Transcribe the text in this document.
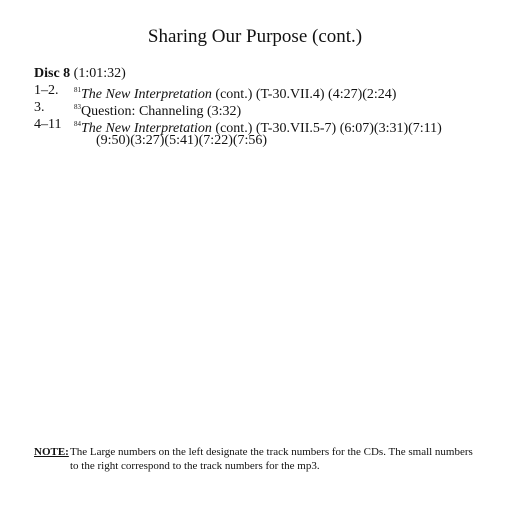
Sharing Our Purpose (cont.)
Disc 8 (1:01:32)
1–2. $^{81}$The New Interpretation (cont.) (T-30.VII.4) (4:27)(2:24)
3.	$^{83}$Question: Channeling (3:32)
4–11 $^{84}$The New Interpretation (cont.) (T-30.VII.5-7) (6:07)(3:31)(7:11)
(9:50)(3:27)(5:41)(7:22)(7:56)
NOTE: The Large numbers on the left designate the track numbers for the CDs. The small numbers to the right correspond to the track numbers for the mp3.
